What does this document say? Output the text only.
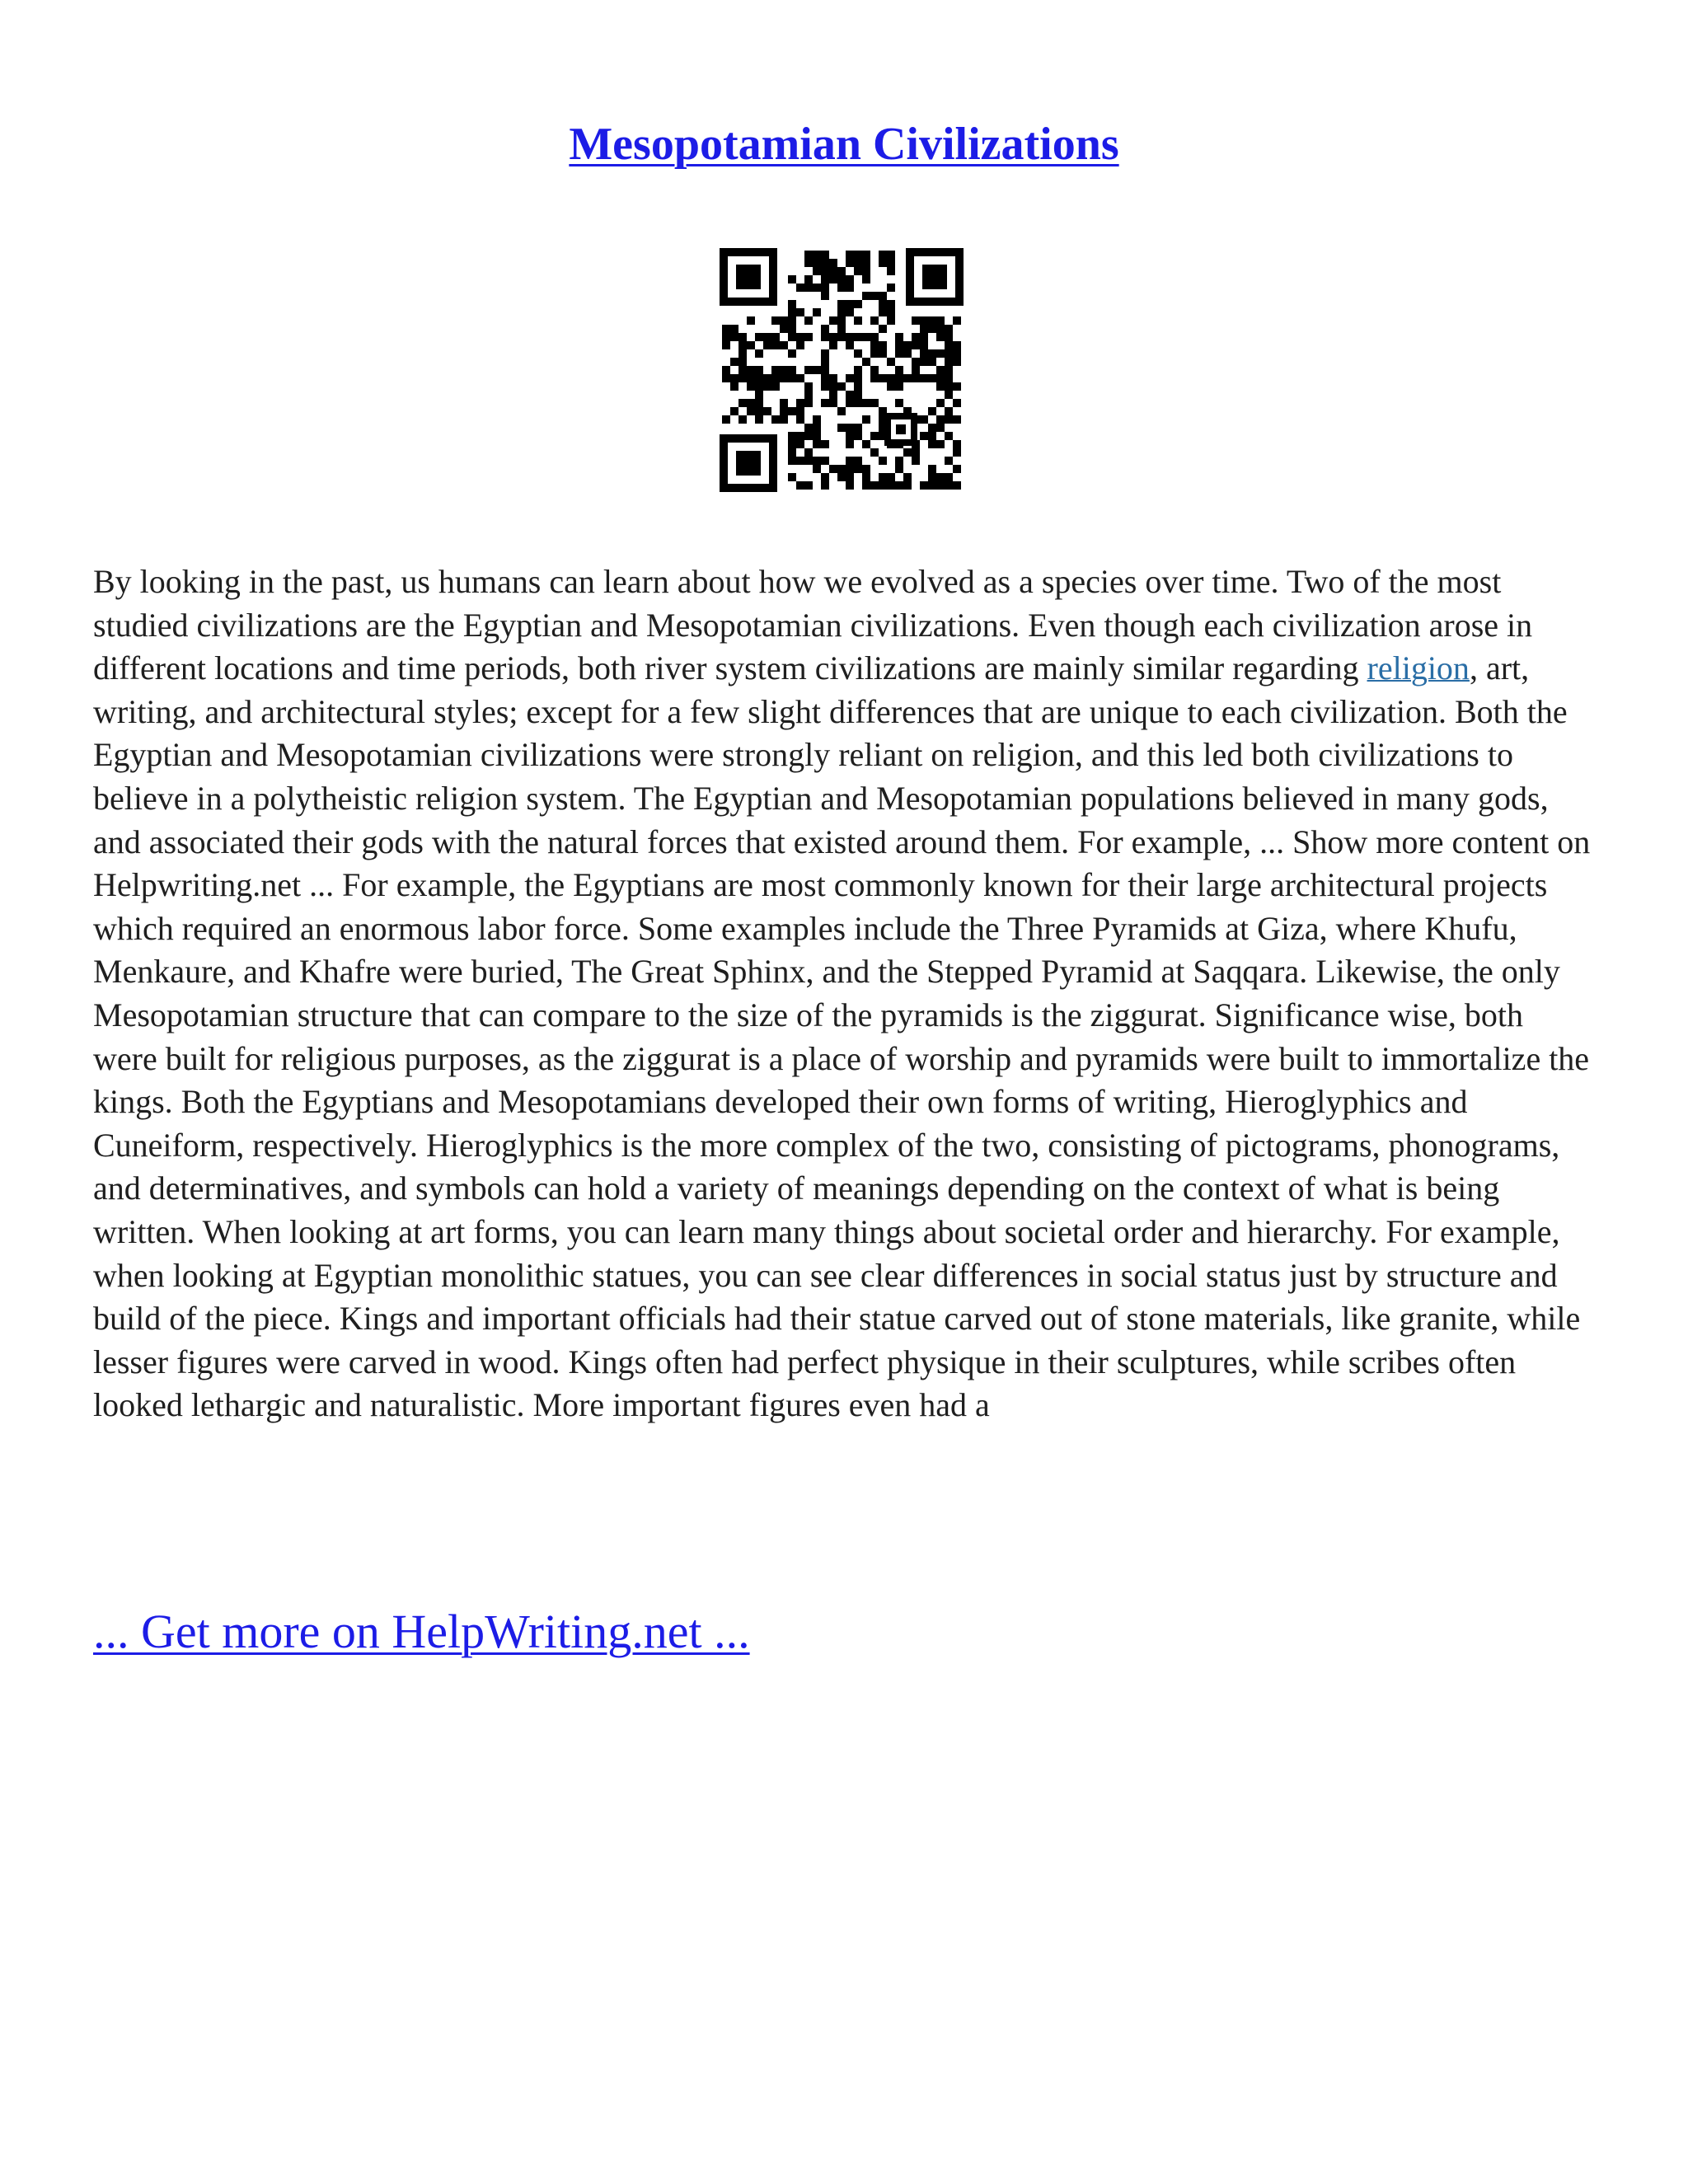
Mesopotamian Civilizations

By looking in the past, us humans can learn about how we evolved as a species over time. Two of the most studied civilizations are the Egyptian and Mesopotamian civilizations. Even though each civilization arose in different locations and time periods, both river system civilizations are mainly similar regarding religion, art, writing, and architectural styles; except for a few slight differences that are unique to each civilization. Both the Egyptian and Mesopotamian civilizations were strongly reliant on religion, and this led both civilizations to believe in a polytheistic religion system. The Egyptian and Mesopotamian populations believed in many gods, and associated their gods with the natural forces that existed around them. For example, ... Show more content on Helpwriting.net ... For example, the Egyptians are most commonly known for their large architectural projects which required an enormous labor force. Some examples include the Three Pyramids at Giza, where Khufu, Menkaure, and Khafre were buried, The Great Sphinx, and the Stepped Pyramid at Saqqara. Likewise, the only Mesopotamian structure that can compare to the size of the pyramids is the ziggurat. Significance wise, both were built for religious purposes, as the ziggurat is a place of worship and pyramids were built to immortalize the kings. Both the Egyptians and Mesopotamians developed their own forms of writing, Hieroglyphics and Cuneiform, respectively. Hieroglyphics is the more complex of the two, consisting of pictograms, phonograms, and determinatives, and symbols can hold a variety of meanings depending on the context of what is being written. When looking at art forms, you can learn many things about societal order and hierarchy. For example, when looking at Egyptian monolithic statues, you can see clear differences in social status just by structure and build of the piece. Kings and important officials had their statue carved out of stone materials, like granite, while lesser figures were carved in wood. Kings often had perfect physique in their sculptures, while scribes often looked lethargic and naturalistic. More important figures even had a

... Get more on HelpWriting.net ...
